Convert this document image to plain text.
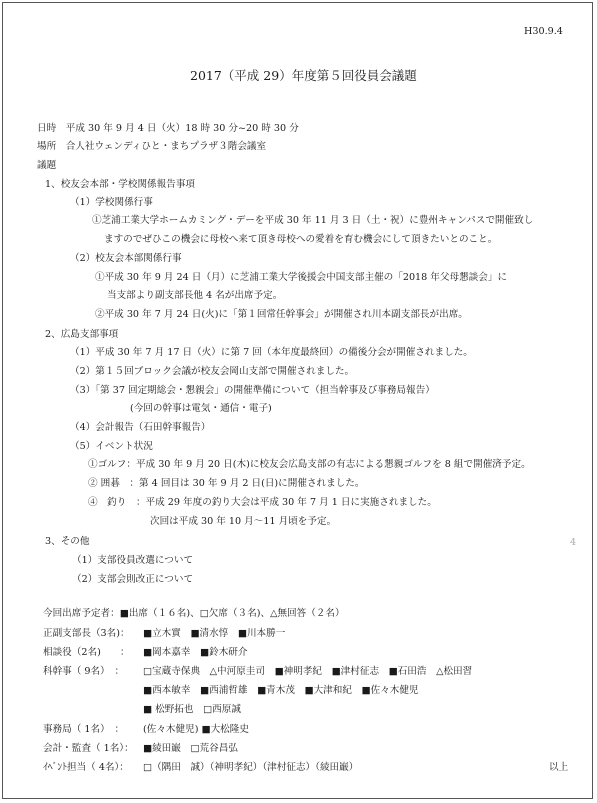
H30.9.4
2017（平成 29）年度第５回役員会議題
日時　平成 30 年 9 月 4 日（火）18 時 30 分~20 時 30 分
場所　合人社ウェンディひと・まちプラザ３階会議室
議題
1、校友会本部・学校関係報告事項
（1）学校関係行事
①芝浦工業大学ホームカミング・デーを平成 30 年 11 月 3 日（土・祝）に豊州キャンパスで開催致し
ますのでぜひこの機会に母校へ来て頂き母校への愛着を育む機会にして頂きたいとのこと。
（2）校友会本部関係行事
①平成 30 年 9 月 24 日（月）に芝浦工業大学後援会中国支部主催の「2018 年父母懇談会」に
当支部より副支部長他 4 名が出席予定。
②平成 30 年 7 月 24 日(火)に「第１回常任幹事会」が開催され川本副支部長が出席。
2、広島支部事項
（1）平成 30 年 7 月 17 日（火）に第 7 回（本年度最終回）の備後分会が開催されました。
（2）第１５回ブロック会議が校友会岡山支部で開催されました。
（3）「第 37 回定期総会・懇親会」の開催準備について（担当幹事及び事務局報告）
(今回の幹事は電気・通信・電子)
（4）会計報告（石田幹事報告）
（5）イベント状況
①ゴルフ：平成 30 年 9 月 20 日(木)に校友会広島支部の有志による懇親ゴルフを 8 組で開催済予定。
② 囲碁　：第 4 回目は 30 年 9 月 2 日(日)に開催されました。
④　釣り　：平成 29 年度の釣り大会は平成 30 年 7 月 1 日に実施されました。
次回は平成 30 年 10 月～11 月頃を予定。
3、その他	4
（1）支部役員改選について
（2）支部会則改正について
今回出席予定者：■出席（１６名)、□欠席（３名)、△無回答（２名）
正副支部長（3名)： ■立木實　■清水惇　■川本勝一
相談役（2名)　　： ■岡本嘉幸　■鈴木研介
科幹事（ 9名）　： □宝蔵寺保典　△中河原圭司　■神明孝紀　■津村征志　■石田浩　△松田習
■西本敏幸　■西浦哲雄　■青木茂　■大津和紀　■佐々木健児
■ 松野拓也　□西原誠
事務局（ 1名）　： (佐々木健児) ■大松隆史
会計・監査（ 1名）： ■綾田巌　□荒谷昌弘
ｲﾍﾞﾝﾄ担当（ 4名）： □（隅田　誠）（神明孝紀）（津村征志）（綾田巌）	以上
